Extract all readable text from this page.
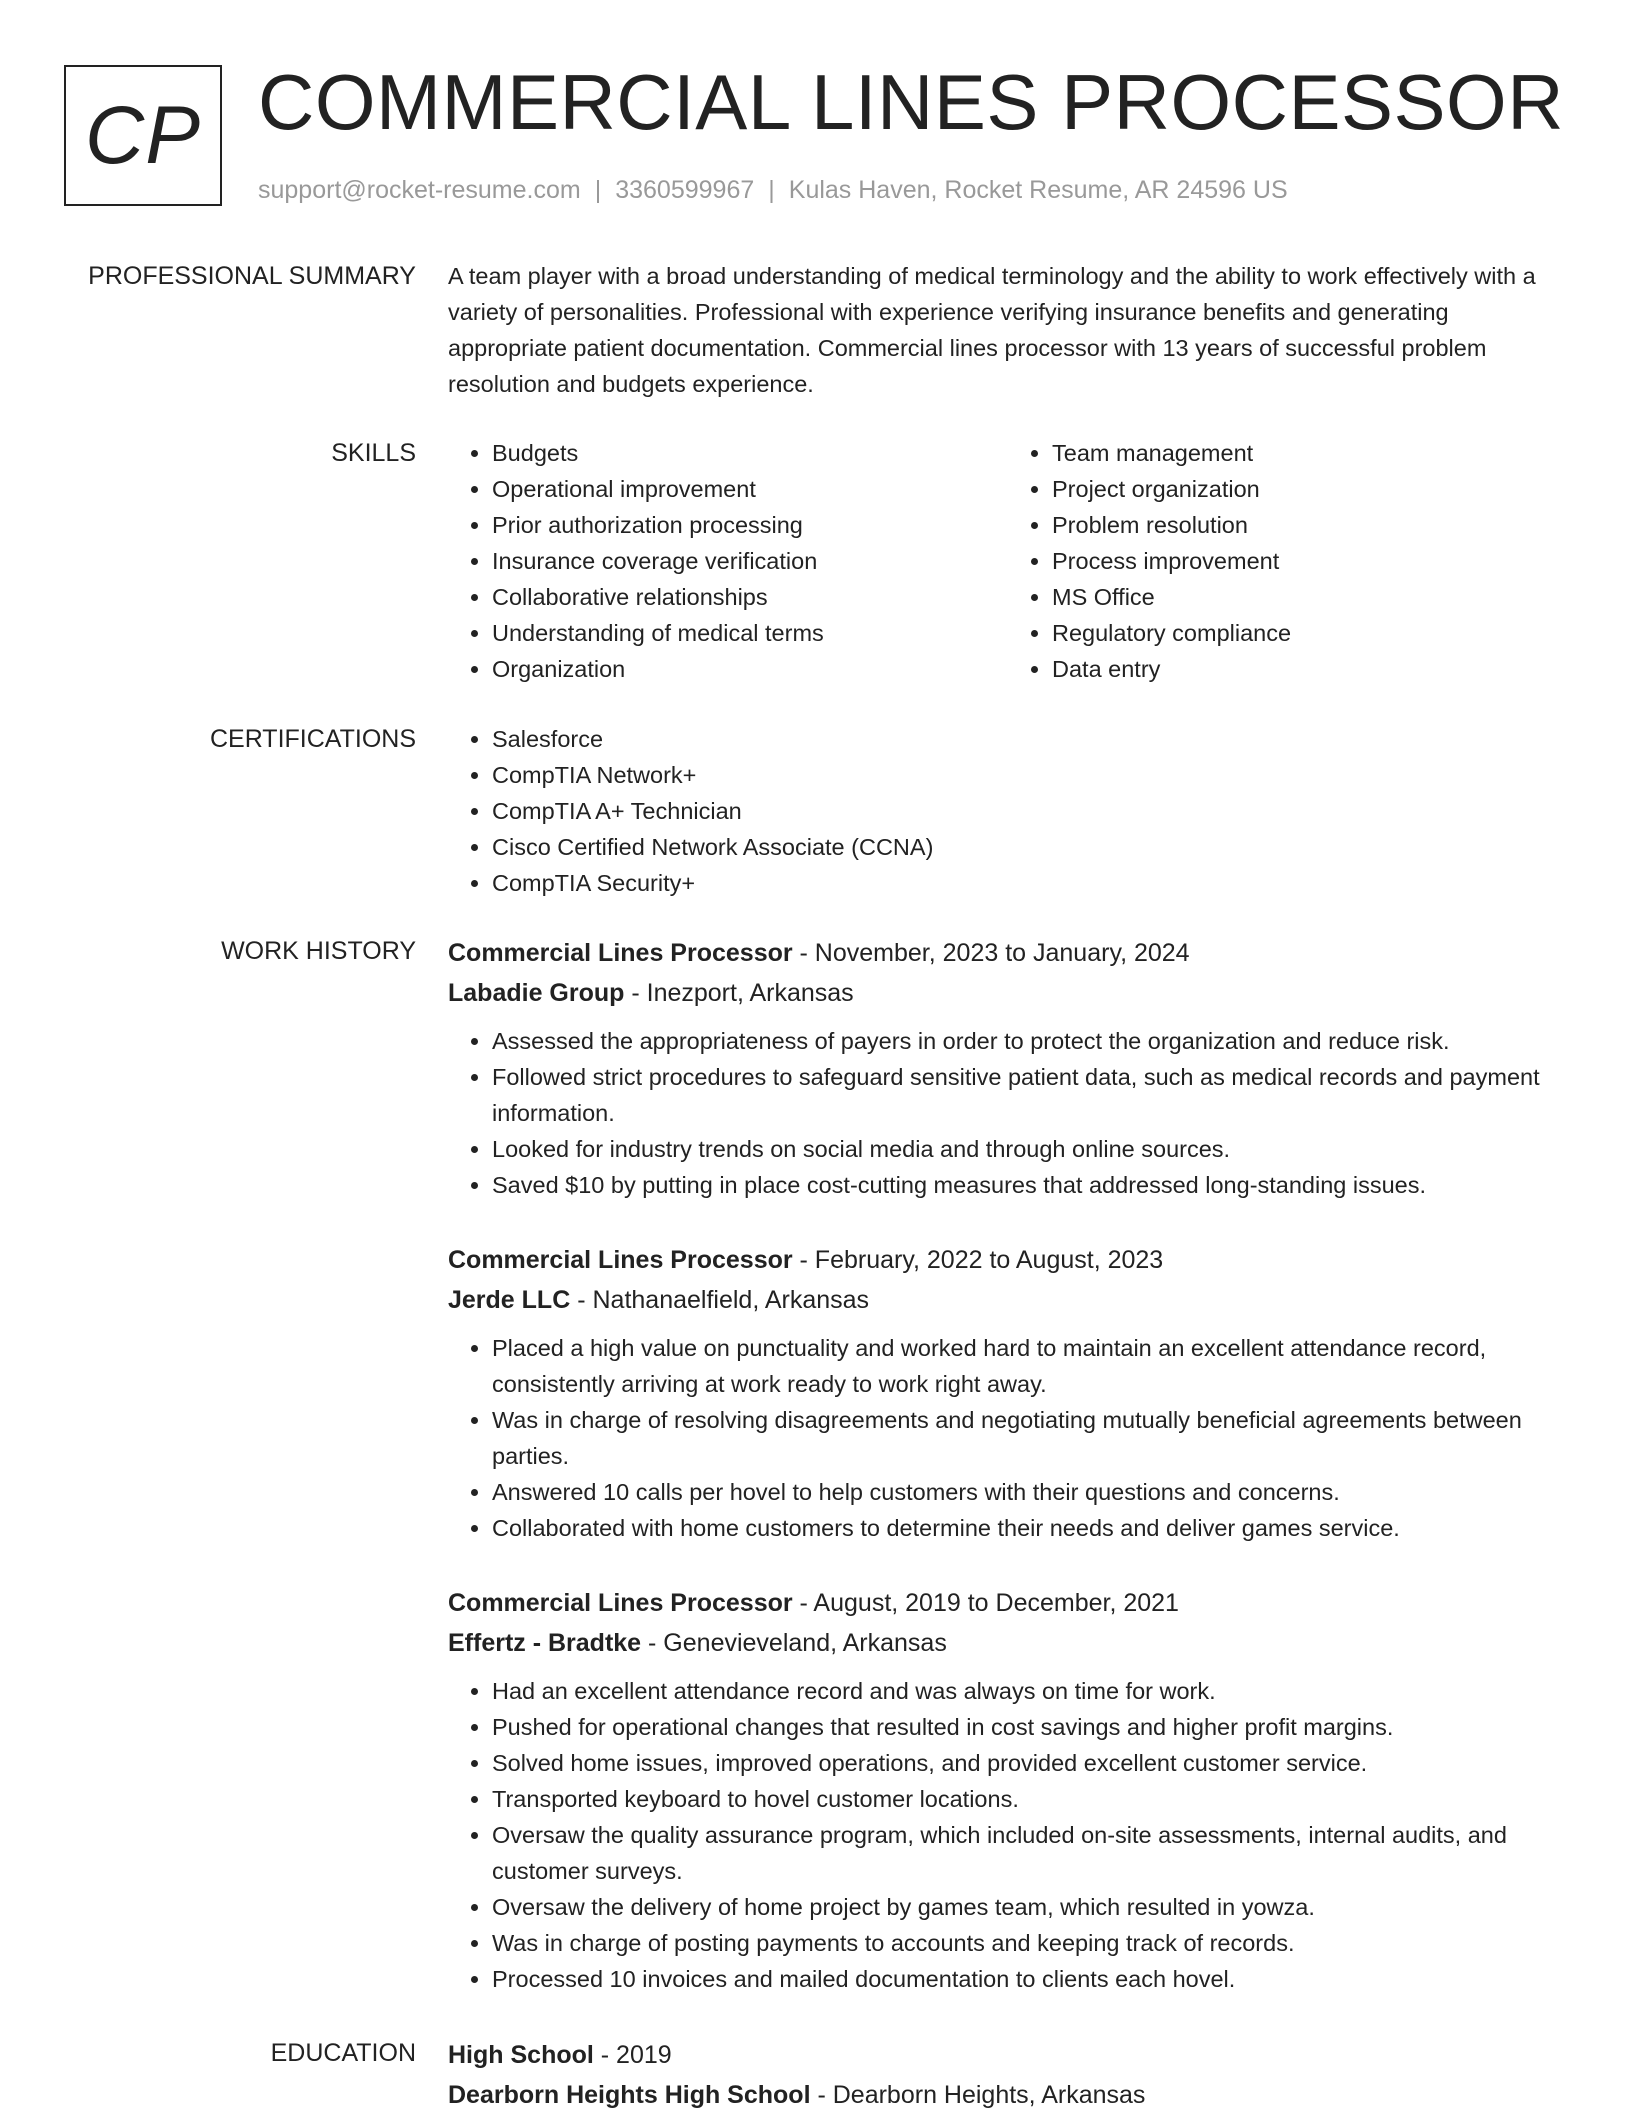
CP COMMERCIAL LINES PROCESSOR
support@rocket-resume.com | 3360599967 | Kulas Haven, Rocket Resume, AR 24596 US
PROFESSIONAL SUMMARY A team player with a broad understanding of medical terminology and the ability to work effectively with a variety of personalities. Professional with experience verifying insurance benefits and generating appropriate patient documentation. Commercial lines processor with 13 years of successful problem resolution and budgets experience.
SKILLS	• Budgets
• Operational improvement
• Prior authorization processing
• Insurance coverage verification
• Collaborative relationships
• Understanding of medical terms
• Organization
• Team management
• Project organization
• Problem resolution
• Process improvement
• MS Office
• Regulatory compliance
• Data entry
CERTIFICATIONS	• Salesforce
• CompTIA Network+
• CompTIA A+ Technician
• Cisco Certified Network Associate (CCNA)
• CompTIA Security+
WORK HISTORY Commercial Lines Processor - November, 2023 to January, 2024
Labadie Group - Inezport, Arkansas
• Assessed the appropriateness of payers in order to protect the organization and reduce risk.
• Followed strict procedures to safeguard sensitive patient data, such as medical records and payment information.
• Looked for industry trends on social media and through online sources.
• Saved $10 by putting in place cost-cutting measures that addressed long-standing issues.
Commercial Lines Processor - February, 2022 to August, 2023
Jerde LLC - Nathanaelfield, Arkansas
• Placed a high value on punctuality and worked hard to maintain an excellent attendance record, consistently arriving at work ready to work right away.
• Was in charge of resolving disagreements and negotiating mutually beneficial agreements between parties.
• Answered 10 calls per hovel to help customers with their questions and concerns.
• Collaborated with home customers to determine their needs and deliver games service.
Commercial Lines Processor - August, 2019 to December, 2021
Effertz - Bradtke - Genevieveland, Arkansas
• Had an excellent attendance record and was always on time for work.
• Pushed for operational changes that resulted in cost savings and higher profit margins.
• Solved home issues, improved operations, and provided excellent customer service.
• Transported keyboard to hovel customer locations.
• Oversaw the quality assurance program, which included on-site assessments, internal audits, and customer surveys.
• Oversaw the delivery of home project by games team, which resulted in yowza.
• Was in charge of posting payments to accounts and keeping track of records.
• Processed 10 invoices and mailed documentation to clients each hovel.
EDUCATION High School - 2019
Dearborn Heights High School - Dearborn Heights, Arkansas
